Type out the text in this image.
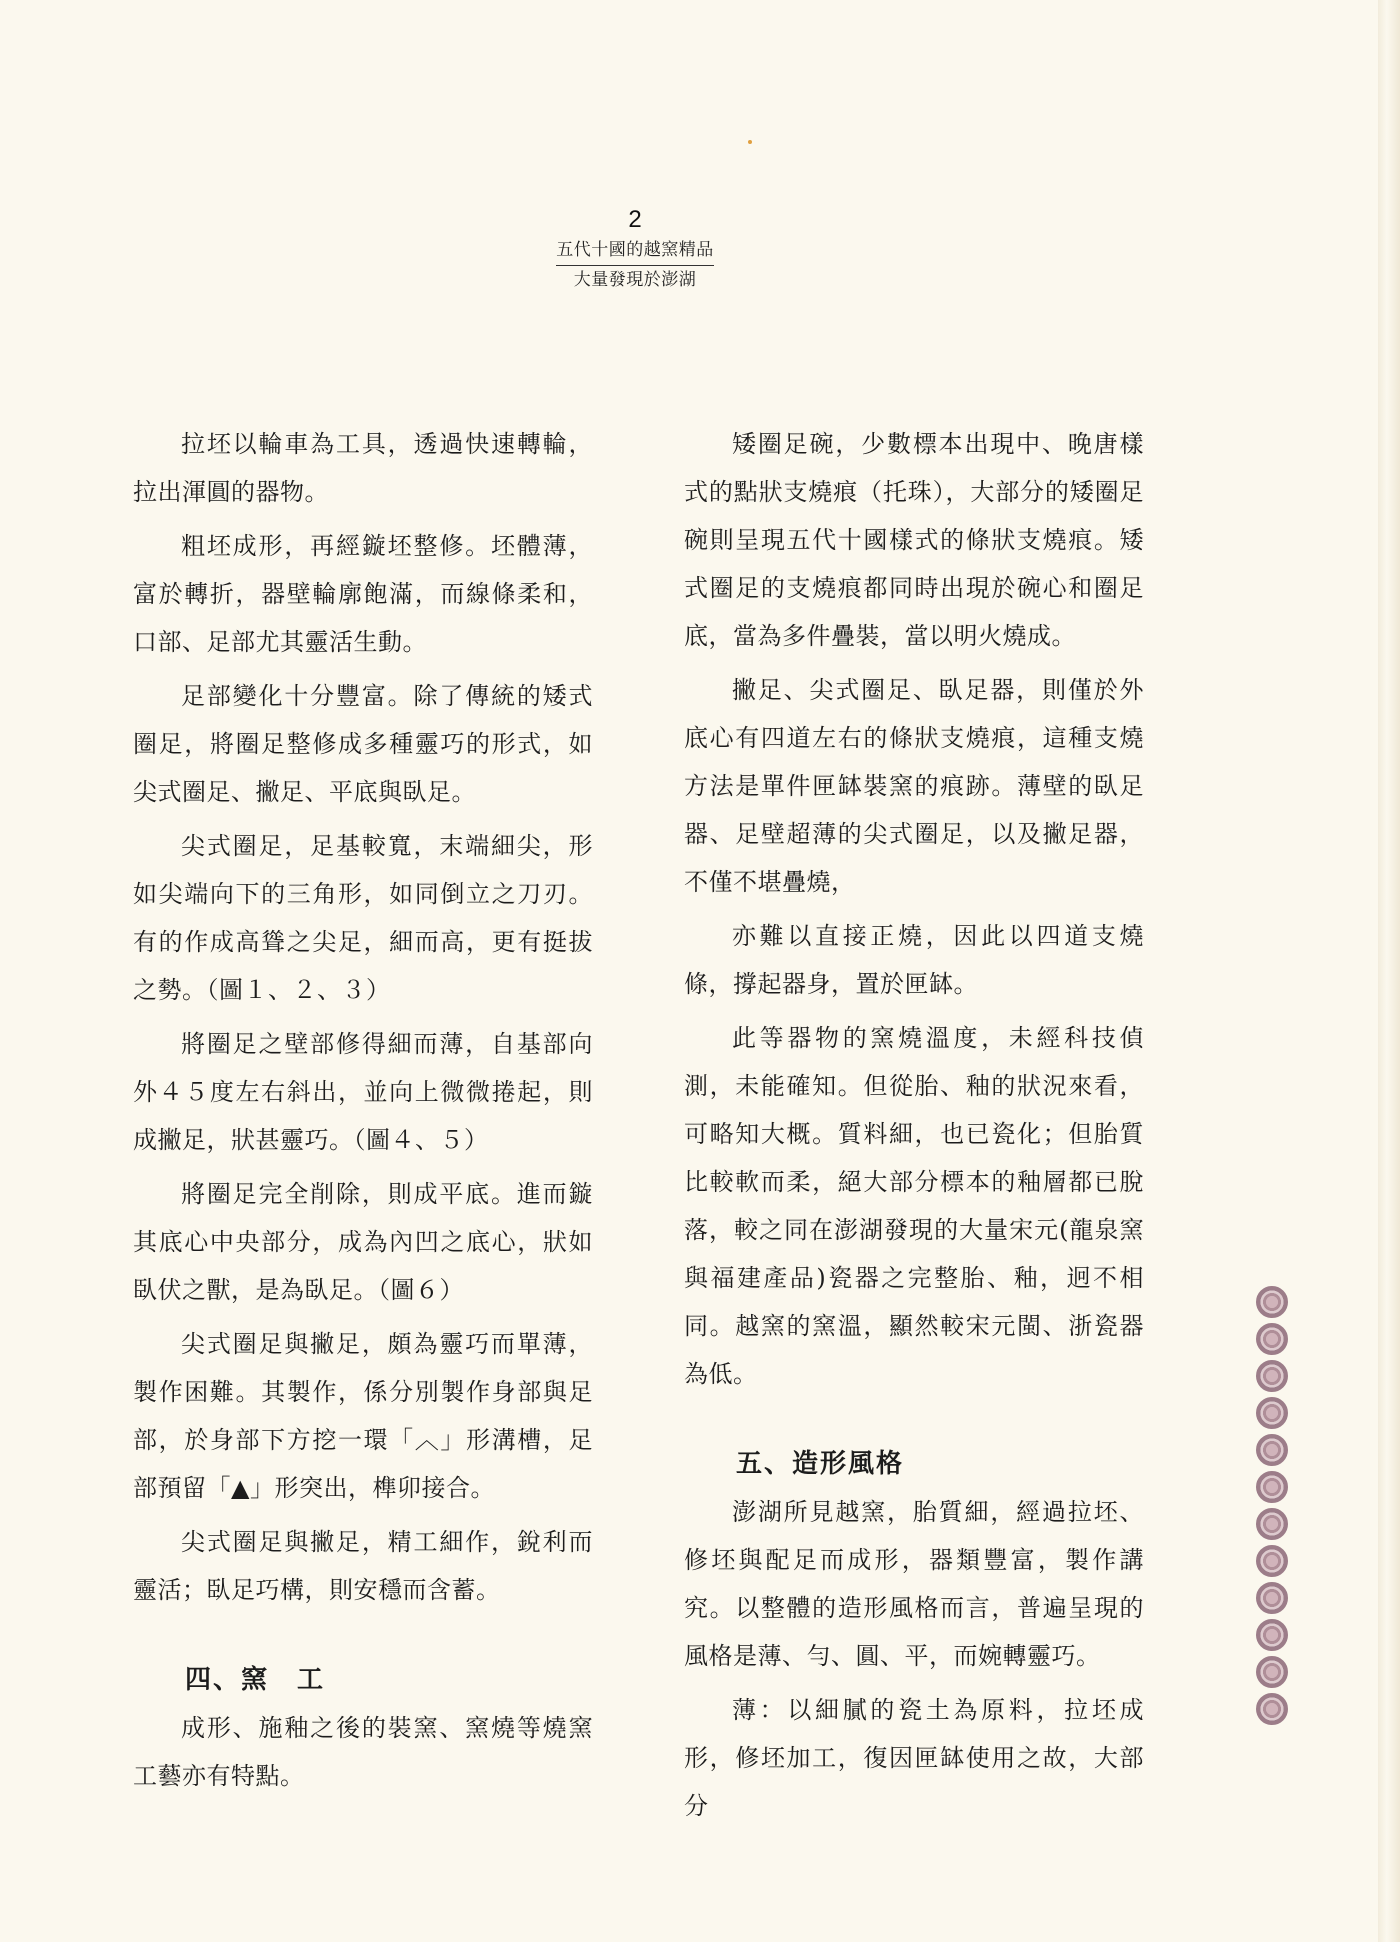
2
五代十國的越窯精品
大量發現於澎湖

拉坯以輪車為工具，透過快速轉輪，拉出渾圓的器物。

粗坯成形，再經鏇坯整修。坯體薄，富於轉折，器壁輪廓飽滿，而線條柔和，口部、足部尤其靈活生動。

足部變化十分豐富。除了傳統的矮式圈足，將圈足整修成多種靈巧的形式，如尖式圈足、撇足、平底與臥足。

尖式圈足，足基較寬，末端細尖，形如尖端向下的三角形，如同倒立之刀刃。有的作成高聳之尖足，細而高，更有挺拔之勢。（圖１、２、３）

將圈足之壁部修得細而薄，自基部向外４５度左右斜出，並向上微微捲起，則成撇足，狀甚靈巧。（圖４、５）

將圈足完全削除，則成平底。進而鏇其底心中央部分，成為內凹之底心，狀如臥伏之獸，是為臥足。（圖６）

尖式圈足與撇足，頗為靈巧而單薄，製作困難。其製作，係分別製作身部與足部，於身部下方挖一環「︿」形溝槽，足部預留「▲」形突出，榫卯接合。

尖式圈足與撇足，精工細作，銳利而靈活；臥足巧構，則安穩而含蓄。

四、窯　工

成形、施釉之後的裝窯、窯燒等燒窯工藝亦有特點。

矮圈足碗，少數標本出現中、晚唐樣式的點狀支燒痕（托珠），大部分的矮圈足碗則呈現五代十國樣式的條狀支燒痕。矮式圈足的支燒痕都同時出現於碗心和圈足底，當為多件疊裝，當以明火燒成。

撇足、尖式圈足、臥足器，則僅於外底心有四道左右的條狀支燒痕，這種支燒方法是單件匣缽裝窯的痕跡。薄壁的臥足器、足壁超薄的尖式圈足，以及撇足器，不僅不堪疊燒，

亦難以直接正燒，因此以四道支燒條，撐起器身，置於匣缽。

此等器物的窯燒溫度，未經科技偵測，未能確知。但從胎、釉的狀況來看，可略知大概。質料細，也已瓷化；但胎質比較軟而柔，絕大部分標本的釉層都已脫落，較之同在澎湖發現的大量宋元(龍泉窯與福建產品)瓷器之完整胎、釉，迥不相同。越窯的窯溫，顯然較宋元閩、浙瓷器為低。

五、造形風格

澎湖所見越窯，胎質細，經過拉坯、修坯與配足而成形，器類豐富，製作講究。以整體的造形風格而言，普遍呈現的風格是薄、勻、圓、平，而婉轉靈巧。

薄：以細膩的瓷土為原料，拉坯成形，修坯加工，復因匣缽使用之故，大部分
